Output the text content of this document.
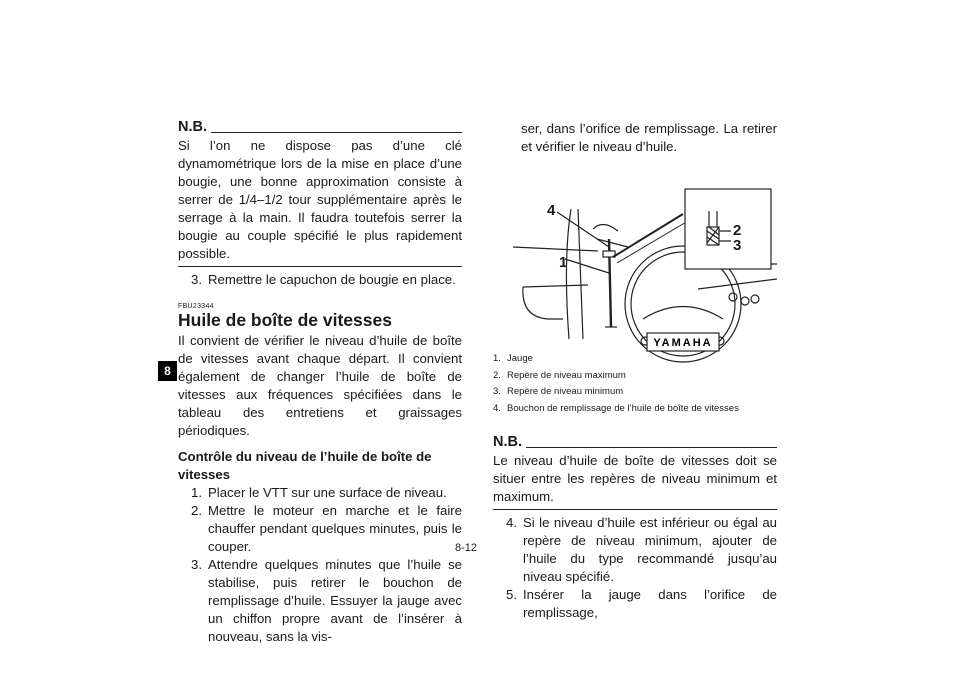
8
N.B.

Si l’on ne dispose pas d’une clé dynamométrique lors de la mise en place d’une bougie, une bonne approximation consiste à serrer de 1/4–1/2 tour supplémentaire après le serrage à la main. Il faudra toutefois serrer la bougie au couple spécifié le plus rapidement possible.

3. Remettre le capuchon de bougie en place.
FBU23344
Huile de boîte de vitesses

Il convient de vérifier le niveau d’huile de boîte de vitesses avant chaque départ. Il convient également de changer l’huile de boîte de vitesses aux fréquences spécifiées dans le tableau des entretiens et graissages périodiques.

Contrôle du niveau de l’huile de boîte de vitesses
1. Placer le VTT sur une surface de niveau.
2. Mettre le moteur en marche et le faire chauffer pendant quelques minutes, puis le couper.
3. Attendre quelques minutes que l’huile se stabilise, puis retirer le bouchon de remplissage d’huile. Essuyer la jauge avec un chiffon propre avant de l’insérer à nouveau, sans la vis-

ser, dans l’orifice de remplissage. La retirer et vérifier le niveau d’huile.

YAMAHA
4
1
2
3
1. Jauge
2. Repère de niveau maximum
3. Repère de niveau minimum
4. Bouchon de remplissage de l’huile de boîte de vitesses
N.B.

Le niveau d’huile de boîte de vitesses doit se situer entre les repères de niveau minimum et maximum.

4. Si le niveau d’huile est inférieur ou égal au repère de niveau minimum, ajouter de l’huile du type recommandé jusqu’au niveau spécifié.
5. Insérer la jauge dans l’orifice de remplissage,
8-12
